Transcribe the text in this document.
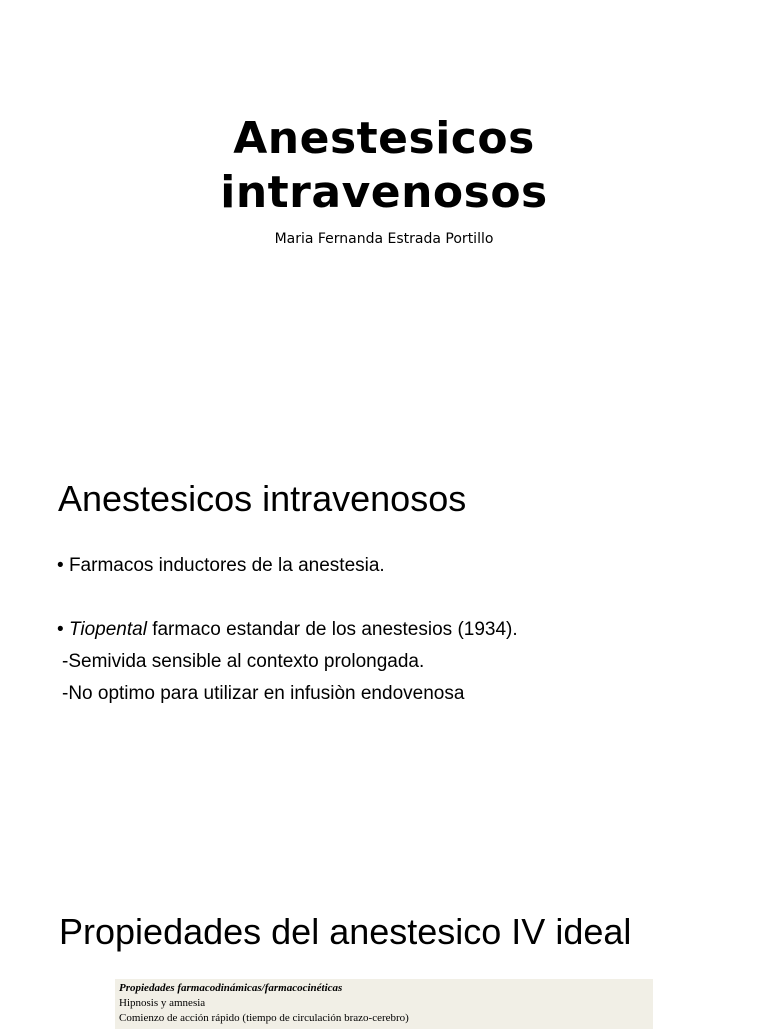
Anestesicos
intravenosos
Maria Fernanda Estrada Portillo
Anestesicos intravenosos
• Farmacos inductores de la anestesia.
• Tiopental farmaco estandar de los anestesios (1934).
-Semivida sensible al contexto prolongada.
-No optimo para utilizar en infusiòn endovenosa
Propiedades del anestesico IV ideal
Propiedades farmacodinámicas/farmacocinéticas
Hipnosis y amnesia
Comienzo de acción rápido (tiempo de circulación brazo-cerebro)
